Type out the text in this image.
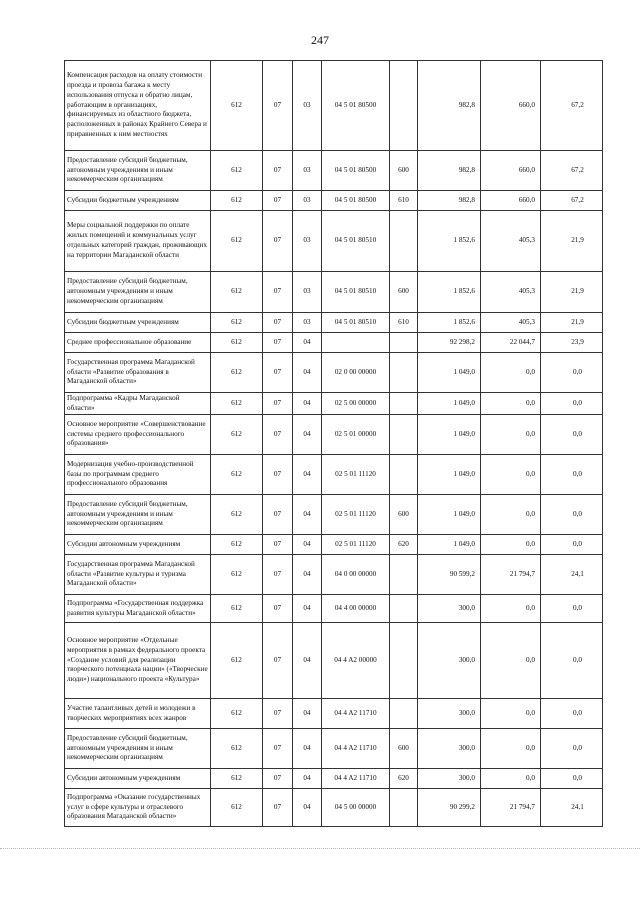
247
Компенсация расходов на оплату стоимости проезда и провоза багажа к месту использования отпуска и обратно лицам, работающим в организациях, финансируемых из областного бюджета, расположенных в районах Крайнего Севера и приравненных к ним местностях	612	07	03	04 5 01 80500		982,8	660,0	67,2
Предоставление субсидий бюджетным, автономным учреждениям и иным некоммерческим организациям	612	07	03	04 5 01 80500	600	982,8	660,0	67,2
Субсидии бюджетным учреждениям	612	07	03	04 5 01 80500	610	982,8	660,0	67,2
Меры социальной поддержки по оплате жилых помещений и коммунальных услуг отдельных категорий граждан, проживающих на территории Магаданской области	612	07	03	04 5 01 80510		1 852,6	405,3	21,9
Предоставление субсидий бюджетным, автономным учреждениям и иным некоммерческим организациям	612	07	03	04 5 01 80510	600	1 852,6	405,3	21,9
Субсидии бюджетным учреждениям	612	07	03	04 5 01 80510	610	1 852,6	405,3	21,9
Среднее профессиональное образование	612	07	04			92 298,2	22 044,7	23,9
Государственная программа Магаданской области «Развитие образования в Магаданской области»	612	07	04	02 0 00 00000		1 049,0	0,0	0,0
Подпрограмма «Кадры Магаданской области»	612	07	04	02 5 00 00000		1 049,0	0,0	0,0
Основное мероприятие «Совершенствование системы среднего профессионального образования»	612	07	04	02 5 01 00000		1 049,0	0,0	0,0
Модернизация учебно-производственной базы по программам среднего профессионального образования	612	07	04	02 5 01 11120		1 049,0	0,0	0,0
Предоставление субсидий бюджетным, автономным учреждениям и иным некоммерческим организациям	612	07	04	02 5 01 11120	600	1 049,0	0,0	0,0
Субсидии автономным учреждениям	612	07	04	02 5 01 11120	620	1 049,0	0,0	0,0
Государственная программа Магаданской области «Развитие культуры и туризма Магаданской области»	612	07	04	04 0 00 00000		90 599,2	21 794,7	24,1
Подпрограмма «Государственная поддержка развития культуры Магаданской области»	612	07	04	04 4 00 00000		300,0	0,0	0,0
Основное мероприятие «Отдельные мероприятия в рамках федерального проекта «Создание условий для реализации творческого потенциала нации» («Творческие люди») национального проекта «Культура»	612	07	04	04 4 A2 00000		300,0	0,0	0,0
Участие талантливых детей и молодежи в творческих мероприятиях всех жанров	612	07	04	04 4 A2 11710		300,0	0,0	0,0
Предоставление субсидий бюджетным, автономным учреждениям и иным некоммерческим организациям	612	07	04	04 4 A2 11710	600	300,0	0,0	0,0
Субсидии автономным учреждениям	612	07	04	04 4 A2 11710	620	300,0	0,0	0,0
Подпрограмма «Оказание государственных услуг в сфере культуры и отраслевого образования Магаданской области»	612	07	04	04 5 00 00000		90 299,2	21 794,7	24,1
